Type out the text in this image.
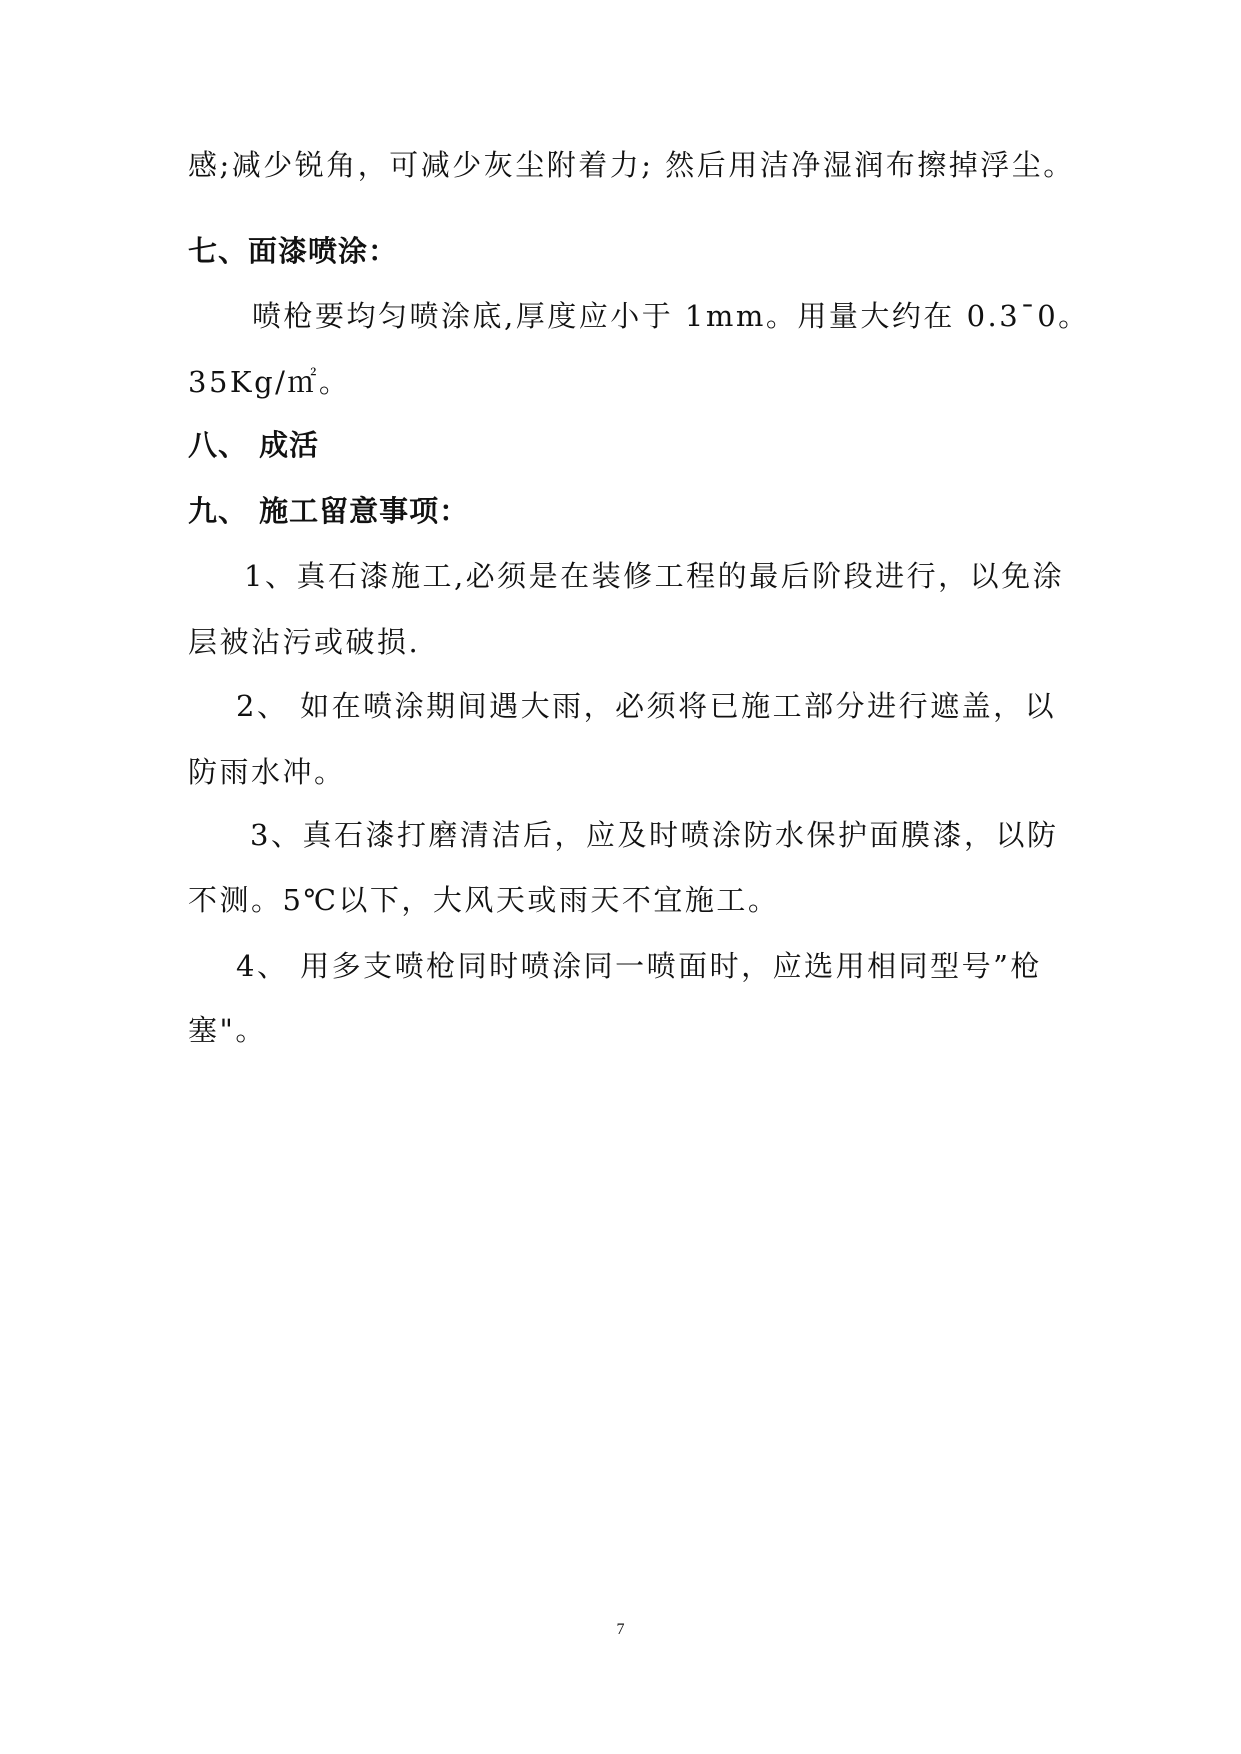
感;减少锐角，可减少灰尘附着力; 然后用洁净湿润布擦掉浮尘。
七、面漆喷涂：
喷枪要均匀喷涂底,厚度应小于 1mm。用量大约在 0.3¯0。
35Kg/㎡。
八、 成活
九、 施工留意事项：
1、真石漆施工,必须是在装修工程的最后阶段进行，以免涂
层被沾污或破损.
2、 如在喷涂期间遇大雨，必须将已施工部分进行遮盖，以
防雨水冲。
3、真石漆打磨清洁后，应及时喷涂防水保护面膜漆，以防
不测。5℃以下，大风天或雨天不宜施工。
4、 用多支喷枪同时喷涂同一喷面时，应选用相同型号”枪
塞"。
7
